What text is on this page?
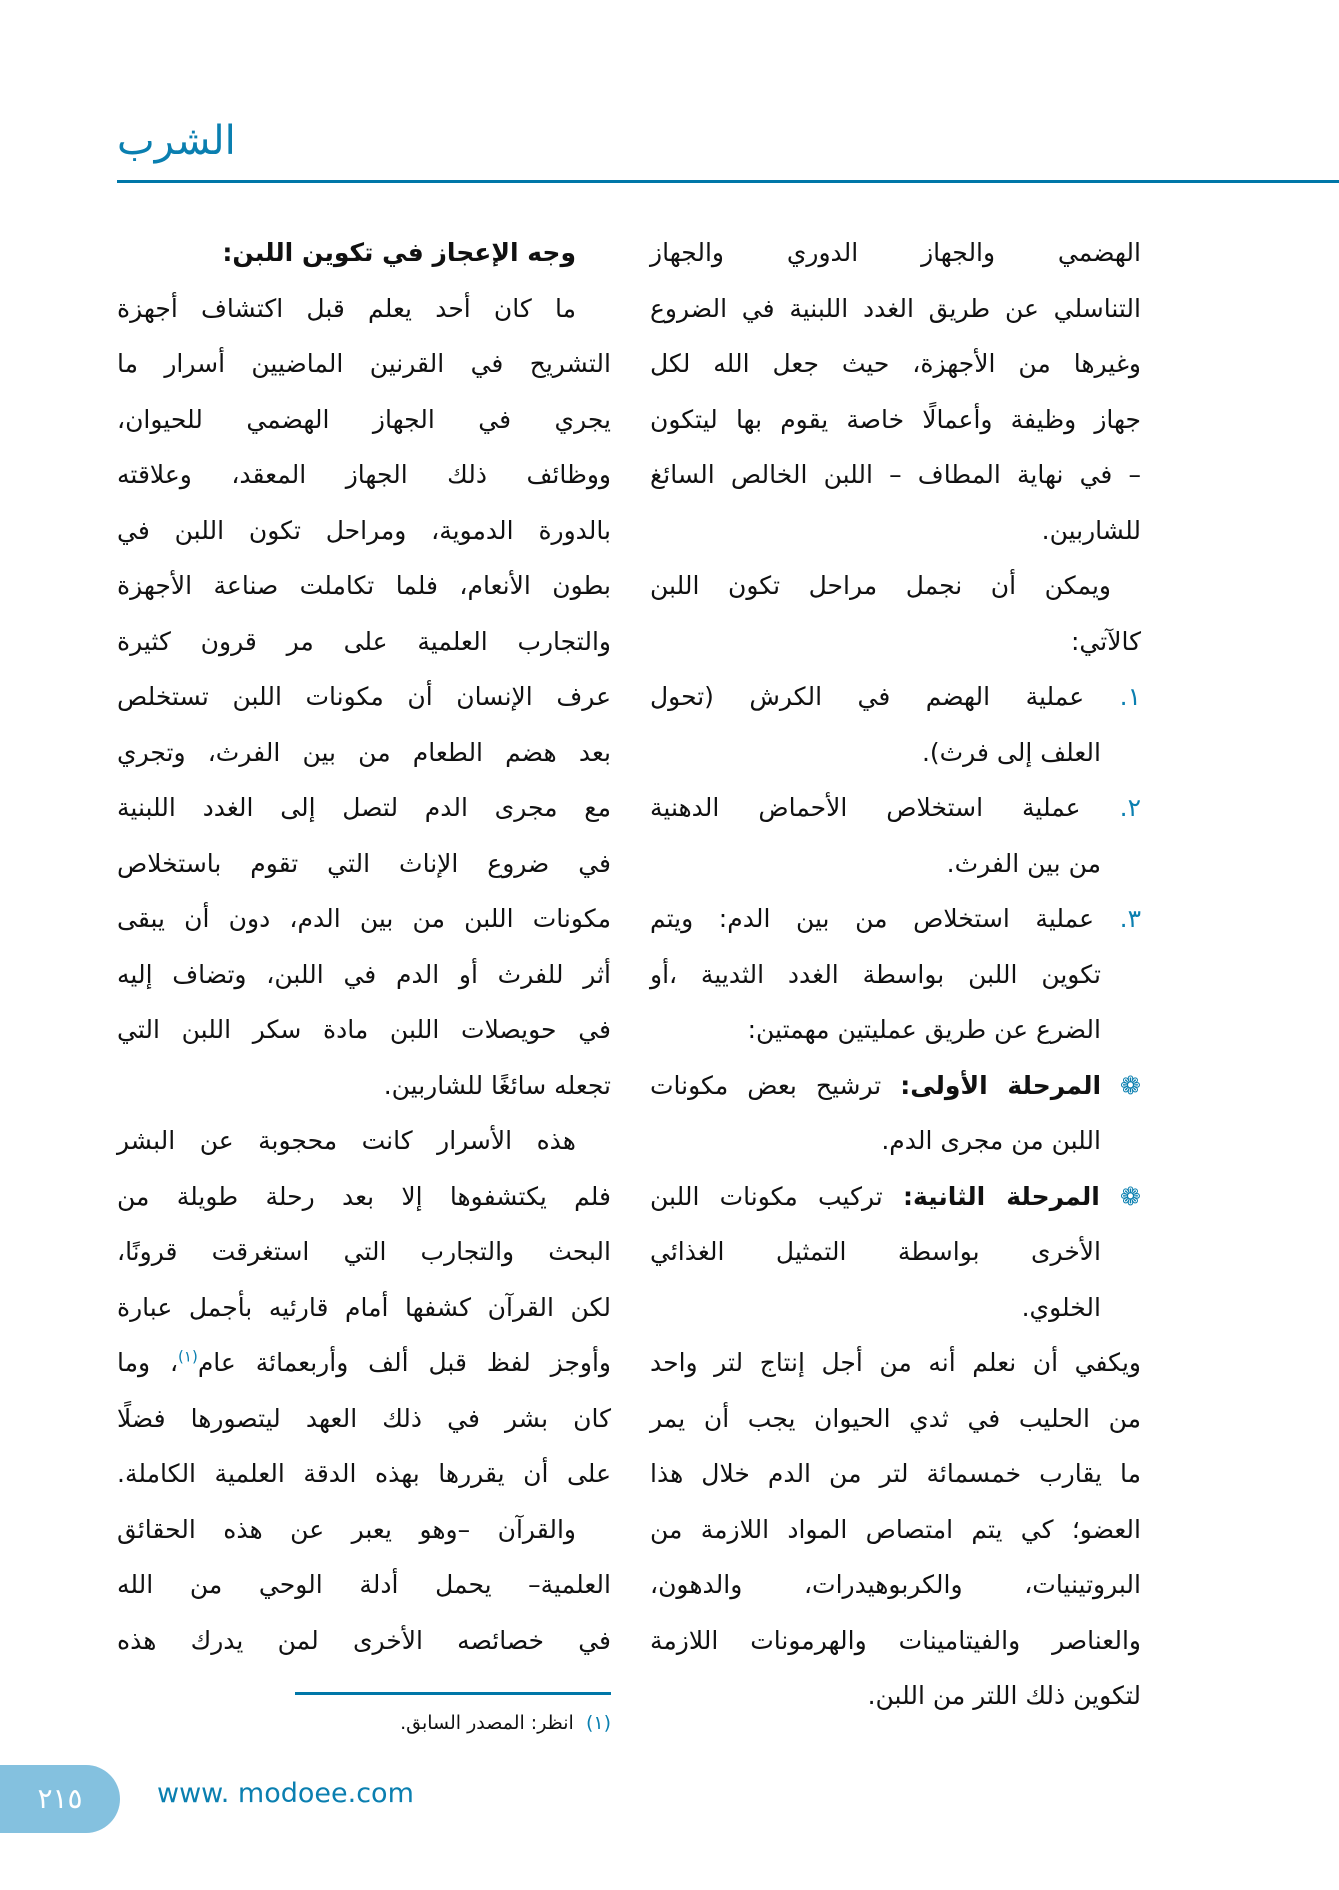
الشرب
الهضمي والجهاز الدوري والجهاز
التناسلي عن طريق الغدد اللبنية في الضروع
وغيرها من الأجهزة، حيث جعل الله لكل
جهاز وظيفة وأعمالًا خاصة يقوم بها ليتكون
– في نهاية المطاف – اللبن الخالص السائغ
للشاربين.
ويمكن أن نجمل مراحل تكون اللبن
كالآتي:
١. عملية الهضم في الكرش (تحول
العلف إلى فرث).
٢. عملية استخلاص الأحماض الدهنية
من بين الفرث.
٣. عملية استخلاص من بين الدم: ويتم
تكوين اللبن بواسطة الغدد الثديية ،أو
الضرع عن طريق عمليتين مهمتين:
❁ المرحلة الأولى: ترشيح بعض مكونات
اللبن من مجرى الدم.
❁ المرحلة الثانية: تركيب مكونات اللبن
الأخرى بواسطة التمثيل الغذائي
الخلوي.
ويكفي أن نعلم أنه من أجل إنتاج لتر واحد
من الحليب في ثدي الحيوان يجب أن يمر
ما يقارب خمسمائة لتر من الدم خلال هذا
العضو؛ كي يتم امتصاص المواد اللازمة من
البروتينيات، والكربوهيدرات، والدهون،
والعناصر والفيتامينات والهرمونات اللازمة
لتكوين ذلك اللتر من اللبن.
وجه الإعجاز في تكوين اللبن:
ما كان أحد يعلم قبل اكتشاف أجهزة
التشريح في القرنين الماضيين أسرار ما
يجري في الجهاز الهضمي للحيوان،
ووظائف ذلك الجهاز المعقد، وعلاقته
بالدورة الدموية، ومراحل تكون اللبن في
بطون الأنعام، فلما تكاملت صناعة الأجهزة
والتجارب العلمية على مر قرون كثيرة
عرف الإنسان أن مكونات اللبن تستخلص
بعد هضم الطعام من بين الفرث، وتجري
مع مجرى الدم لتصل إلى الغدد اللبنية
في ضروع الإناث التي تقوم باستخلاص
مكونات اللبن من بين الدم، دون أن يبقى
أثر للفرث أو الدم في اللبن، وتضاف إليه
في حويصلات اللبن مادة سكر اللبن التي
تجعله سائغًا للشاربين.
هذه الأسرار كانت محجوبة عن البشر
فلم يكتشفوها إلا بعد رحلة طويلة من
البحث والتجارب التي استغرقت قرونًا،
لكن القرآن كشفها أمام قارئيه بأجمل عبارة
وأوجز لفظ قبل ألف وأربعمائة عام$^{(١)}$، وما
كان بشر في ذلك العهد ليتصورها فضلًا
على أن يقررها بهذه الدقة العلمية الكاملة.
والقرآن –وهو يعبر عن هذه الحقائق
العلمية– يحمل أدلة الوحي من الله
في خصائصه الأخرى لمن يدرك هذه
(١)  انظر: المصدر السابق.
٢١٥	www. modoee.com
